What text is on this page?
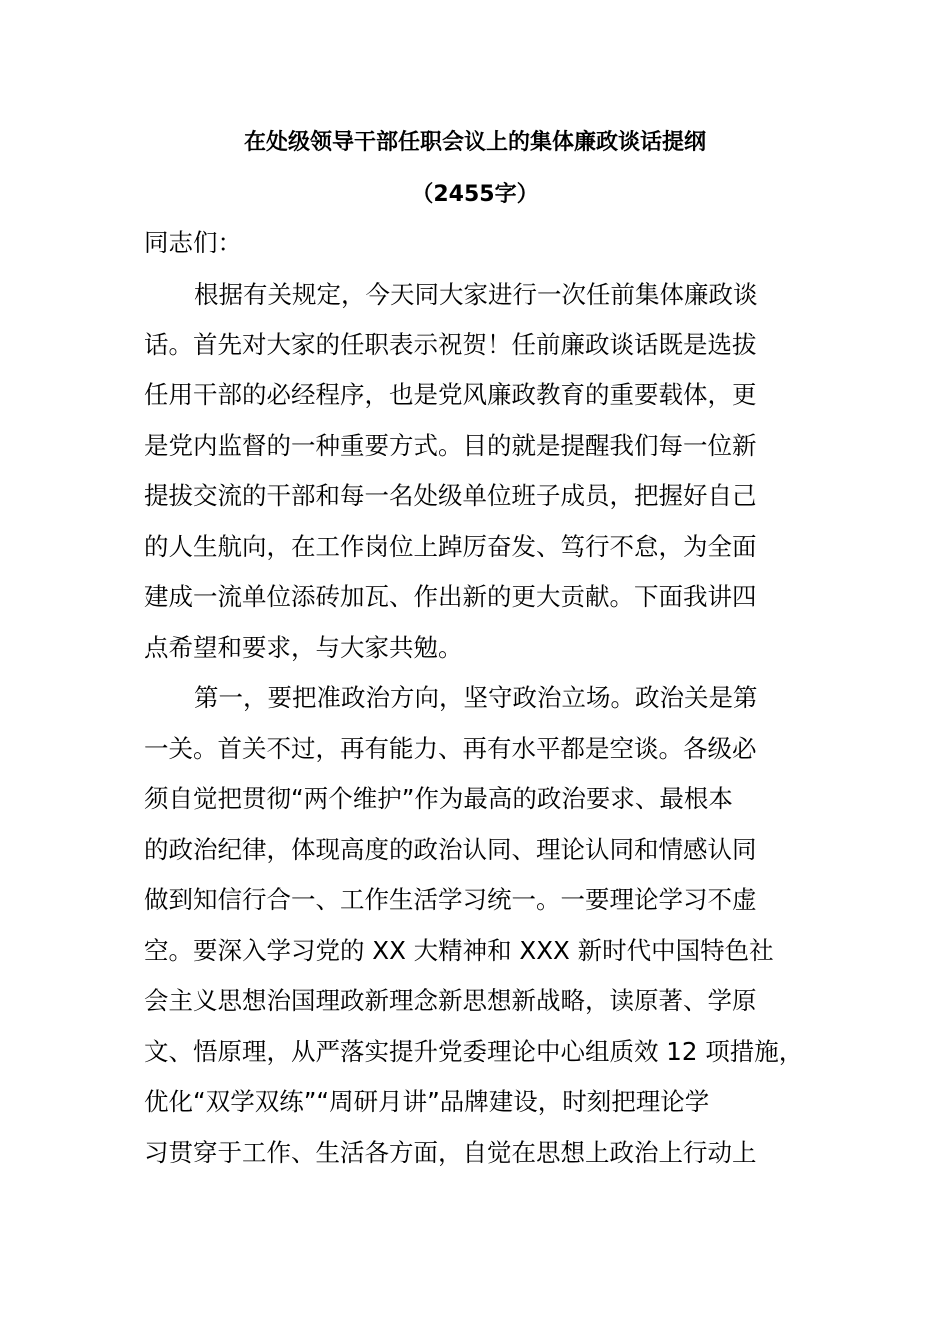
在处级领导干部任职会议上的集体廉政谈话提纲
（2455字）
同志们：
根据有关规定，今天同大家进行一次任前集体廉政谈
话。首先对大家的任职表示祝贺！任前廉政谈话既是选拔
任用干部的必经程序，也是党风廉政教育的重要载体，更
是党内监督的一种重要方式。目的就是提醒我们每一位新
提拔交流的干部和每一名处级单位班子成员，把握好自己
的人生航向，在工作岗位上踔厉奋发、笃行不怠，为全面
建成一流单位添砖加瓦、作出新的更大贡献。下面我讲四
点希望和要求，与大家共勉。
第一，要把准政治方向，坚守政治立场。政治关是第
一关。首关不过，再有能力、再有水平都是空谈。各级必
须自觉把贯彻“两个维护”作为最高的政治要求、最根本
的政治纪律，体现高度的政治认同、理论认同和情感认同
做到知信行合一、工作生活学习统一。一要理论学习不虚
空。要深入学习党的 XX 大精神和 XXX 新时代中国特色社
会主义思想治国理政新理念新思想新战略，读原著、学原
文、悟原理，从严落实提升党委理论中心组质效 12 项措施，
优化“双学双练”“周研月讲”品牌建设，时刻把理论学
习贯穿于工作、生活各方面，自觉在思想上政治上行动上
